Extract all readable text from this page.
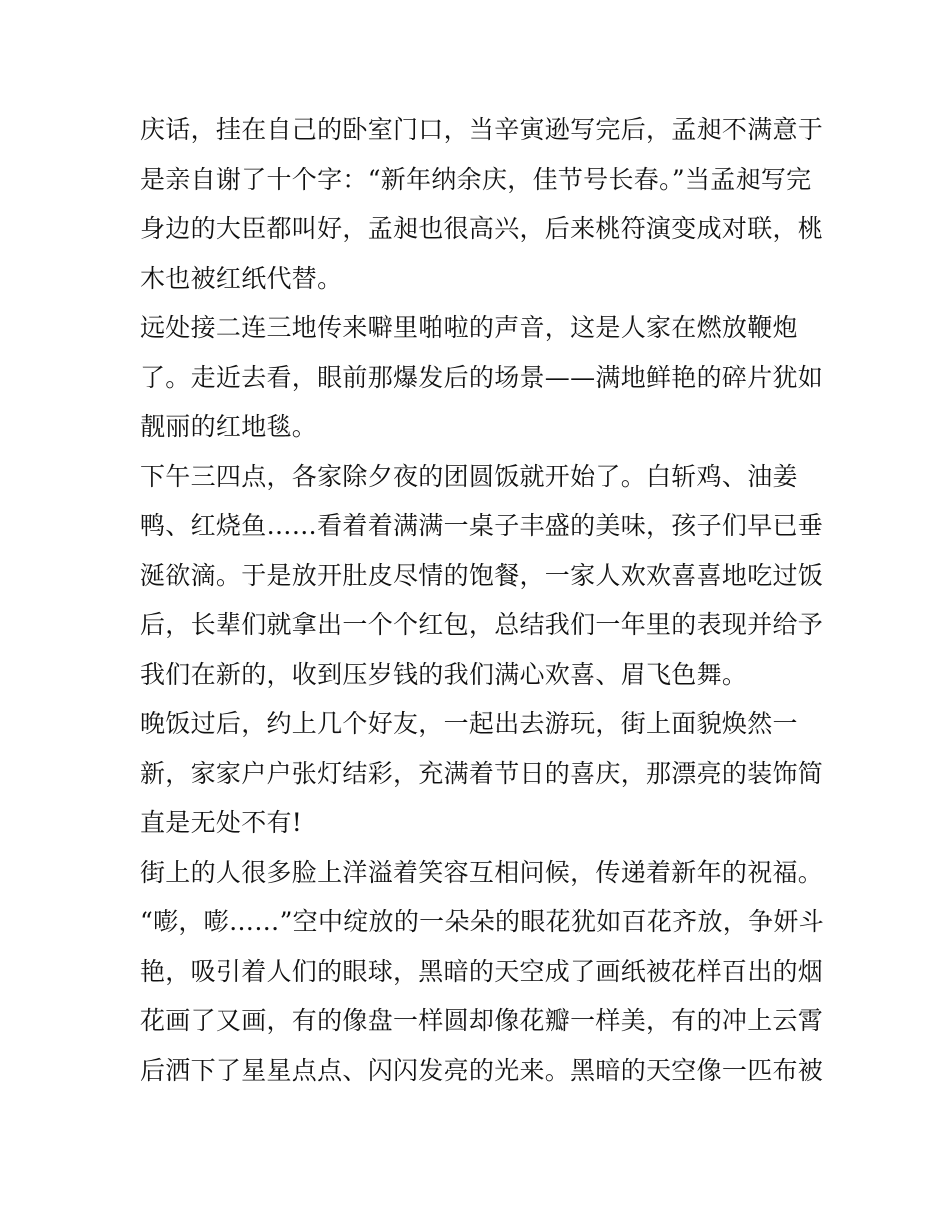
庆话，挂在自己的卧室门口，当辛寅逊写完后，孟昶不满意于
是亲自谢了十个字：“新年纳余庆，佳节号长春。”当孟昶写完
身边的大臣都叫好，孟昶也很高兴，后来桃符演变成对联，桃
木也被红纸代替。
远处接二连三地传来噼里啪啦的声音，这是人家在燃放鞭炮
了。走近去看，眼前那爆发后的场景——满地鲜艳的碎片犹如
靓丽的红地毯。
下午三四点，各家除夕夜的团圆饭就开始了。白斩鸡、油姜
鸭、红烧鱼……看着着满满一桌子丰盛的美味，孩子们早已垂
涎欲滴。于是放开肚皮尽情的饱餐，一家人欢欢喜喜地吃过饭
后，长辈们就拿出一个个红包，总结我们一年里的表现并给予
我们在新的，收到压岁钱的我们满心欢喜、眉飞色舞。
晚饭过后，约上几个好友，一起出去游玩，街上面貌焕然一
新，家家户户张灯结彩，充满着节日的喜庆，那漂亮的装饰简
直是无处不有!
街上的人很多脸上洋溢着笑容互相问候，传递着新年的祝福。
“嘭，嘭……”空中绽放的一朵朵的眼花犹如百花齐放，争妍斗
艳，吸引着人们的眼球，黑暗的天空成了画纸被花样百出的烟
花画了又画，有的像盘一样圆却像花瓣一样美，有的冲上云霄
后洒下了星星点点、闪闪发亮的光来。黑暗的天空像一匹布被
